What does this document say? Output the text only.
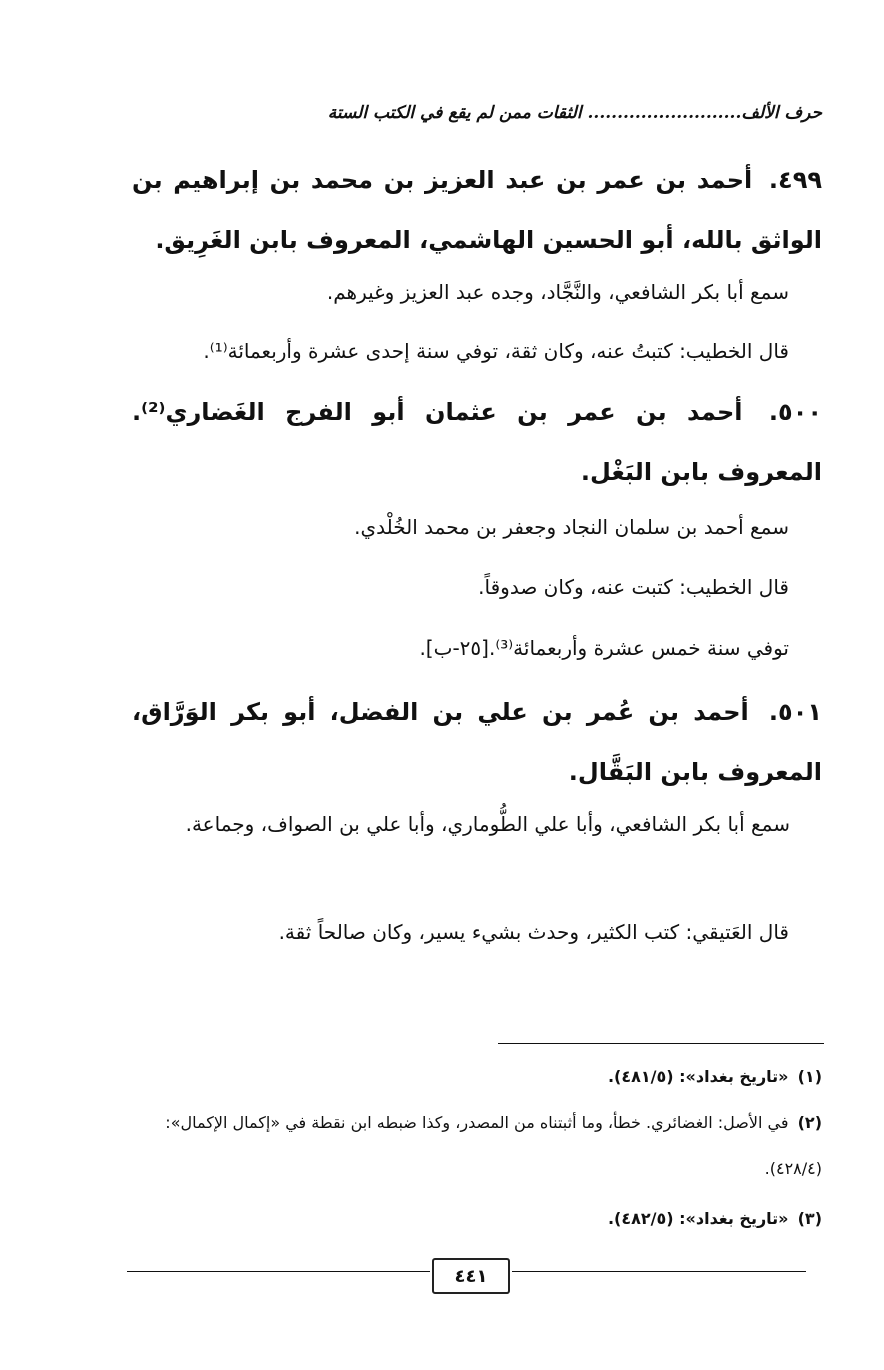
حرف الألف.......................... الثقات ممن لم يقع في الكتب الستة
٤٩٩. أحمد بن عمر بن عبد العزيز بن محمد بن إبراهيم بن الواثق بالله، أبو الحسين الهاشمي، المعروف بابن الغَرِيق.
سمع أبا بكر الشافعي، والنَّجَّاد، وجده عبد العزيز وغيرهم.
قال الخطيب: كتبتُ عنه، وكان ثقة، توفي سنة إحدى عشرة وأربعمائة⁽¹⁾.
٥٠٠. أحمد بن عمر بن عثمان أبو الفرج الغَضاري⁽²⁾. المعروف بابن البَغْل.
سمع أحمد بن سلمان النجاد وجعفر بن محمد الخُلْدي.
قال الخطيب: كتبت عنه، وكان صدوقاً.
توفي سنة خمس عشرة وأربعمائة⁽³⁾.[٢٥-ب].
٥٠١. أحمد بن عُمر بن علي بن الفضل، أبو بكر الوَرَّاق، المعروف بابن البَقَّال.
سمع أبا بكر الشافعي، وأبا علي الطُّوماري، وأبا علي بن الصواف، وجماعة.
قال العَتيقي: كتب الكثير، وحدث بشيء يسير، وكان صالحاً ثقة.
(١) «تاريخ بغداد»: (٤٨١/٥).
(٢) في الأصل: الغضائري. خطأ، وما أثبتناه من المصدر، وكذا ضبطه ابن نقطة في «إكمال الإكمال»: (٤٢٨/٤).
(٣) «تاريخ بغداد»: (٤٨٢/٥).
٤٤١
